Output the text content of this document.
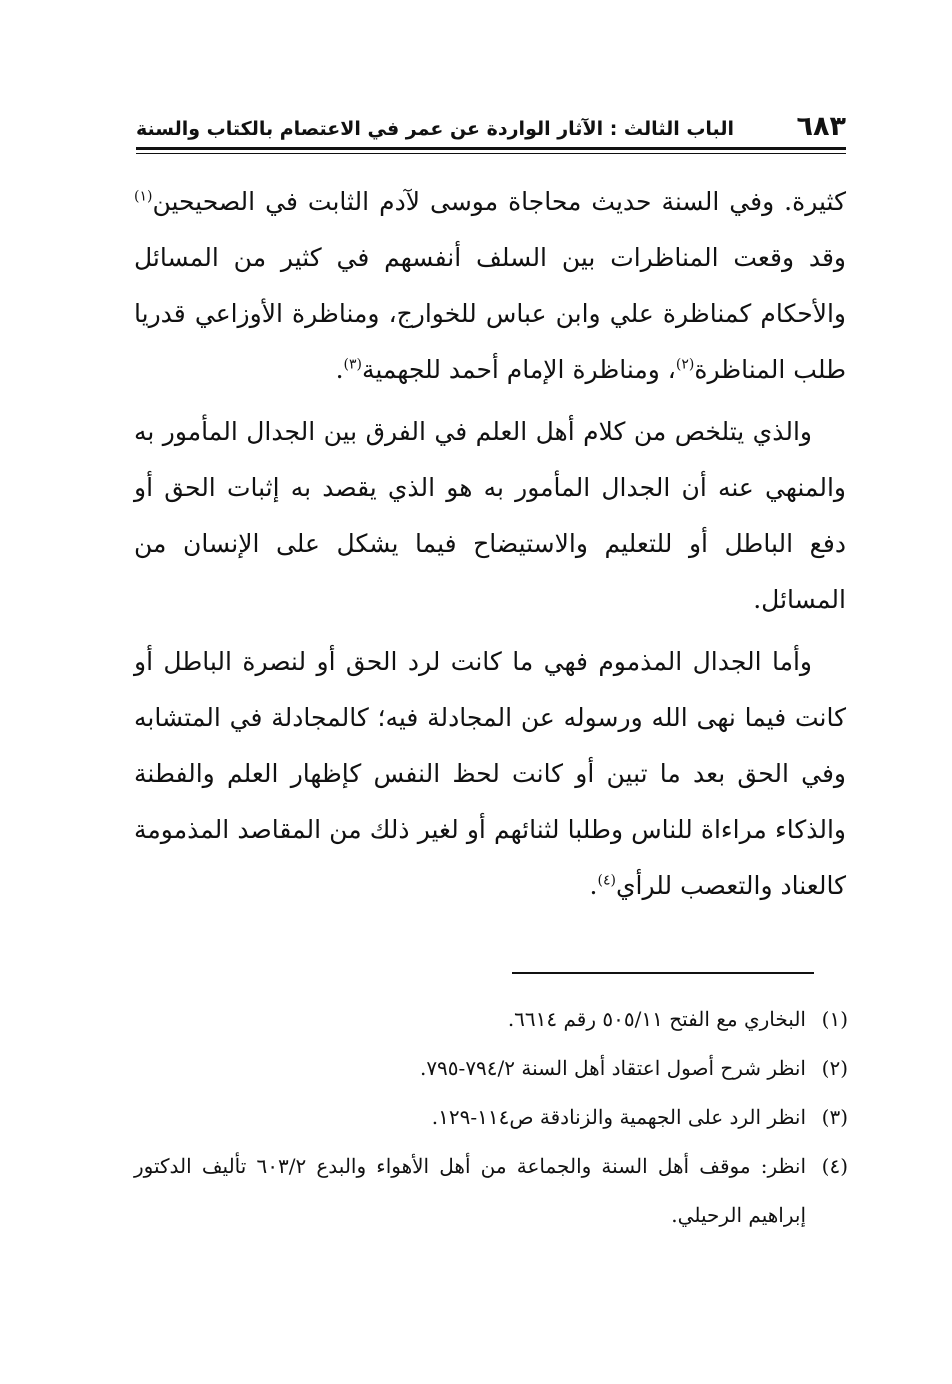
٦٨٣
الباب الثالث : الآثار الواردة عن عمر في الاعتصام بالكتاب والسنة

كثيرة. وفي السنة حديث محاجاة موسى لآدم الثابت في الصحيحين$^{(١)}$ وقد وقعت المناظرات بين السلف أنفسهم في كثير من المسائل والأحكام كمناظرة علي وابن عباس للخوارج، ومناظرة الأوزاعي قدريا طلب المناظرة$^{(٢)}$، ومناظرة الإمام أحمد للجهمية$^{(٣)}$.

والذي يتلخص من كلام أهل العلم في الفرق بين الجدال المأمور به والمنهي عنه أن الجدال المأمور به هو الذي يقصد به إثبات الحق أو دفع الباطل أو للتعليم والاستيضاح فيما يشكل على الإنسان من المسائل.

وأما الجدال المذموم فهي ما كانت لرد الحق أو لنصرة الباطل أو كانت فيما نهى الله ورسوله عن المجادلة فيه؛ كالمجادلة في المتشابه وفي الحق بعد ما تبين أو كانت لحظ النفس كإظهار العلم والفطنة والذكاء مراءاة للناس وطلبا لثنائهم أو لغير ذلك من المقاصد المذمومة كالعناد والتعصب للرأي$^{(٤)}$.

(١)
البخاري مع الفتح ٥٠٥/١١ رقم ٦٦١٤.
(٢)
انظر شرح أصول اعتقاد أهل السنة ٧٩٤/٢-٧٩٥.
(٣)
انظر الرد على الجهمية والزنادقة ص١١٤-١٢٩.
(٤)
انظر: موقف أهل السنة والجماعة من أهل الأهواء والبدع ٦٠٣/٢ تأليف الدكتور إبراهيم الرحيلي.
